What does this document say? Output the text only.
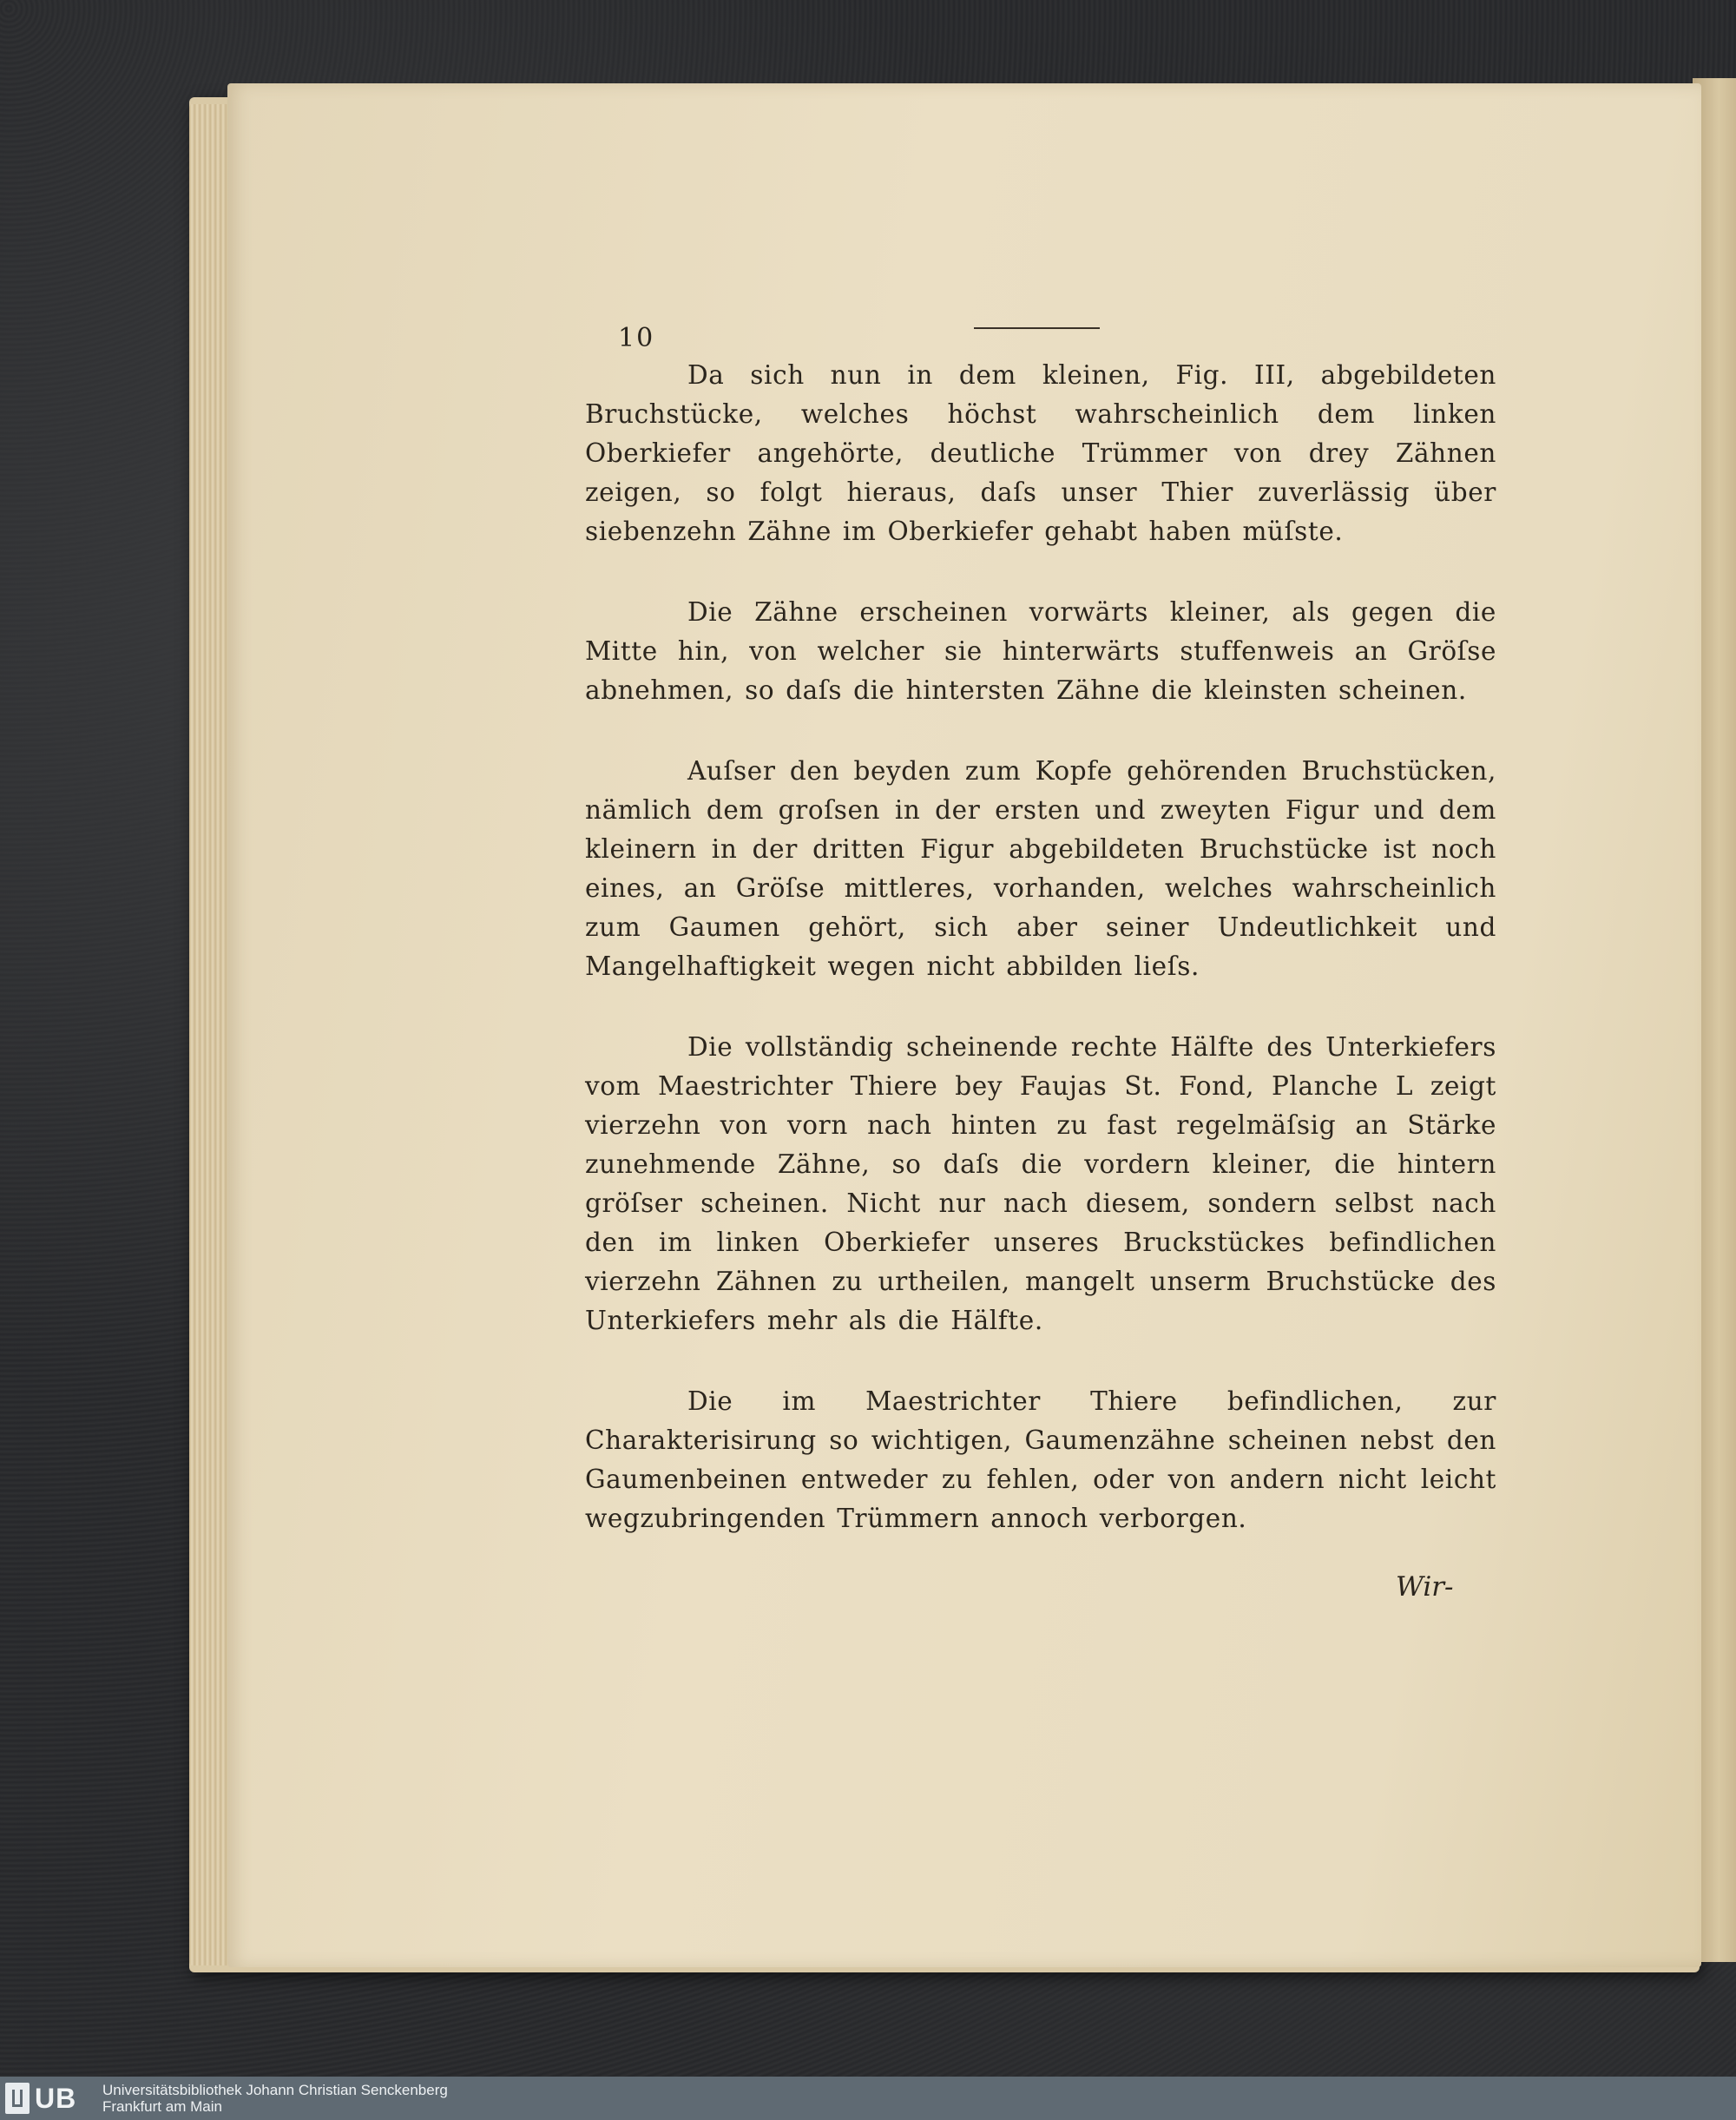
10

Da sich nun in dem kleinen, Fig. III, abgebildeten Bruchstücke, welches höchst wahrscheinlich dem linken Oberkiefer angehörte, deutliche Trümmer von drey Zähnen zeigen, so folgt hieraus, daſs unser Thier zuverlässig über siebenzehn Zähne im Oberkiefer gehabt haben müſste.

Die Zähne erscheinen vorwärts kleiner, als gegen die Mitte hin, von welcher sie hinterwärts stuffenweis an Gröſse abnehmen, so daſs die hintersten Zähne die kleinsten scheinen.

Auſser den beyden zum Kopfe gehörenden Bruchstücken, nämlich dem groſsen in der ersten und zweyten Figur und dem kleinern in der dritten Figur abgebildeten Bruchstücke ist noch eines, an Gröſse mittleres, vorhanden, welches wahrscheinlich zum Gaumen gehört, sich aber seiner Undeutlichkeit und Mangelhaftigkeit wegen nicht abbilden lieſs.

Die vollständig scheinende rechte Hälfte des Unterkiefers vom Maestrichter Thiere bey Faujas St. Fond, Planche L zeigt vierzehn von vorn nach hinten zu fast regelmäſsig an Stärke zunehmende Zähne, so daſs die vordern kleiner, die hintern gröſser scheinen. Nicht nur nach diesem, sondern selbst nach den im linken Oberkiefer unseres Bruckstückes befindlichen vierzehn Zähnen zu urtheilen, mangelt unserm Bruchstücke des Unterkiefers mehr als die Hälfte.

Die im Maestrichter Thiere befindlichen, zur Charakterisirung so wichtigen, Gaumenzähne scheinen nebst den Gaumenbeinen entweder zu fehlen, oder von andern nicht leicht wegzubringenden Trümmern annoch verborgen.

Wir-
UB Universitätsbibliothek Johann Christian Senckenberg
Frankfurt am Main
